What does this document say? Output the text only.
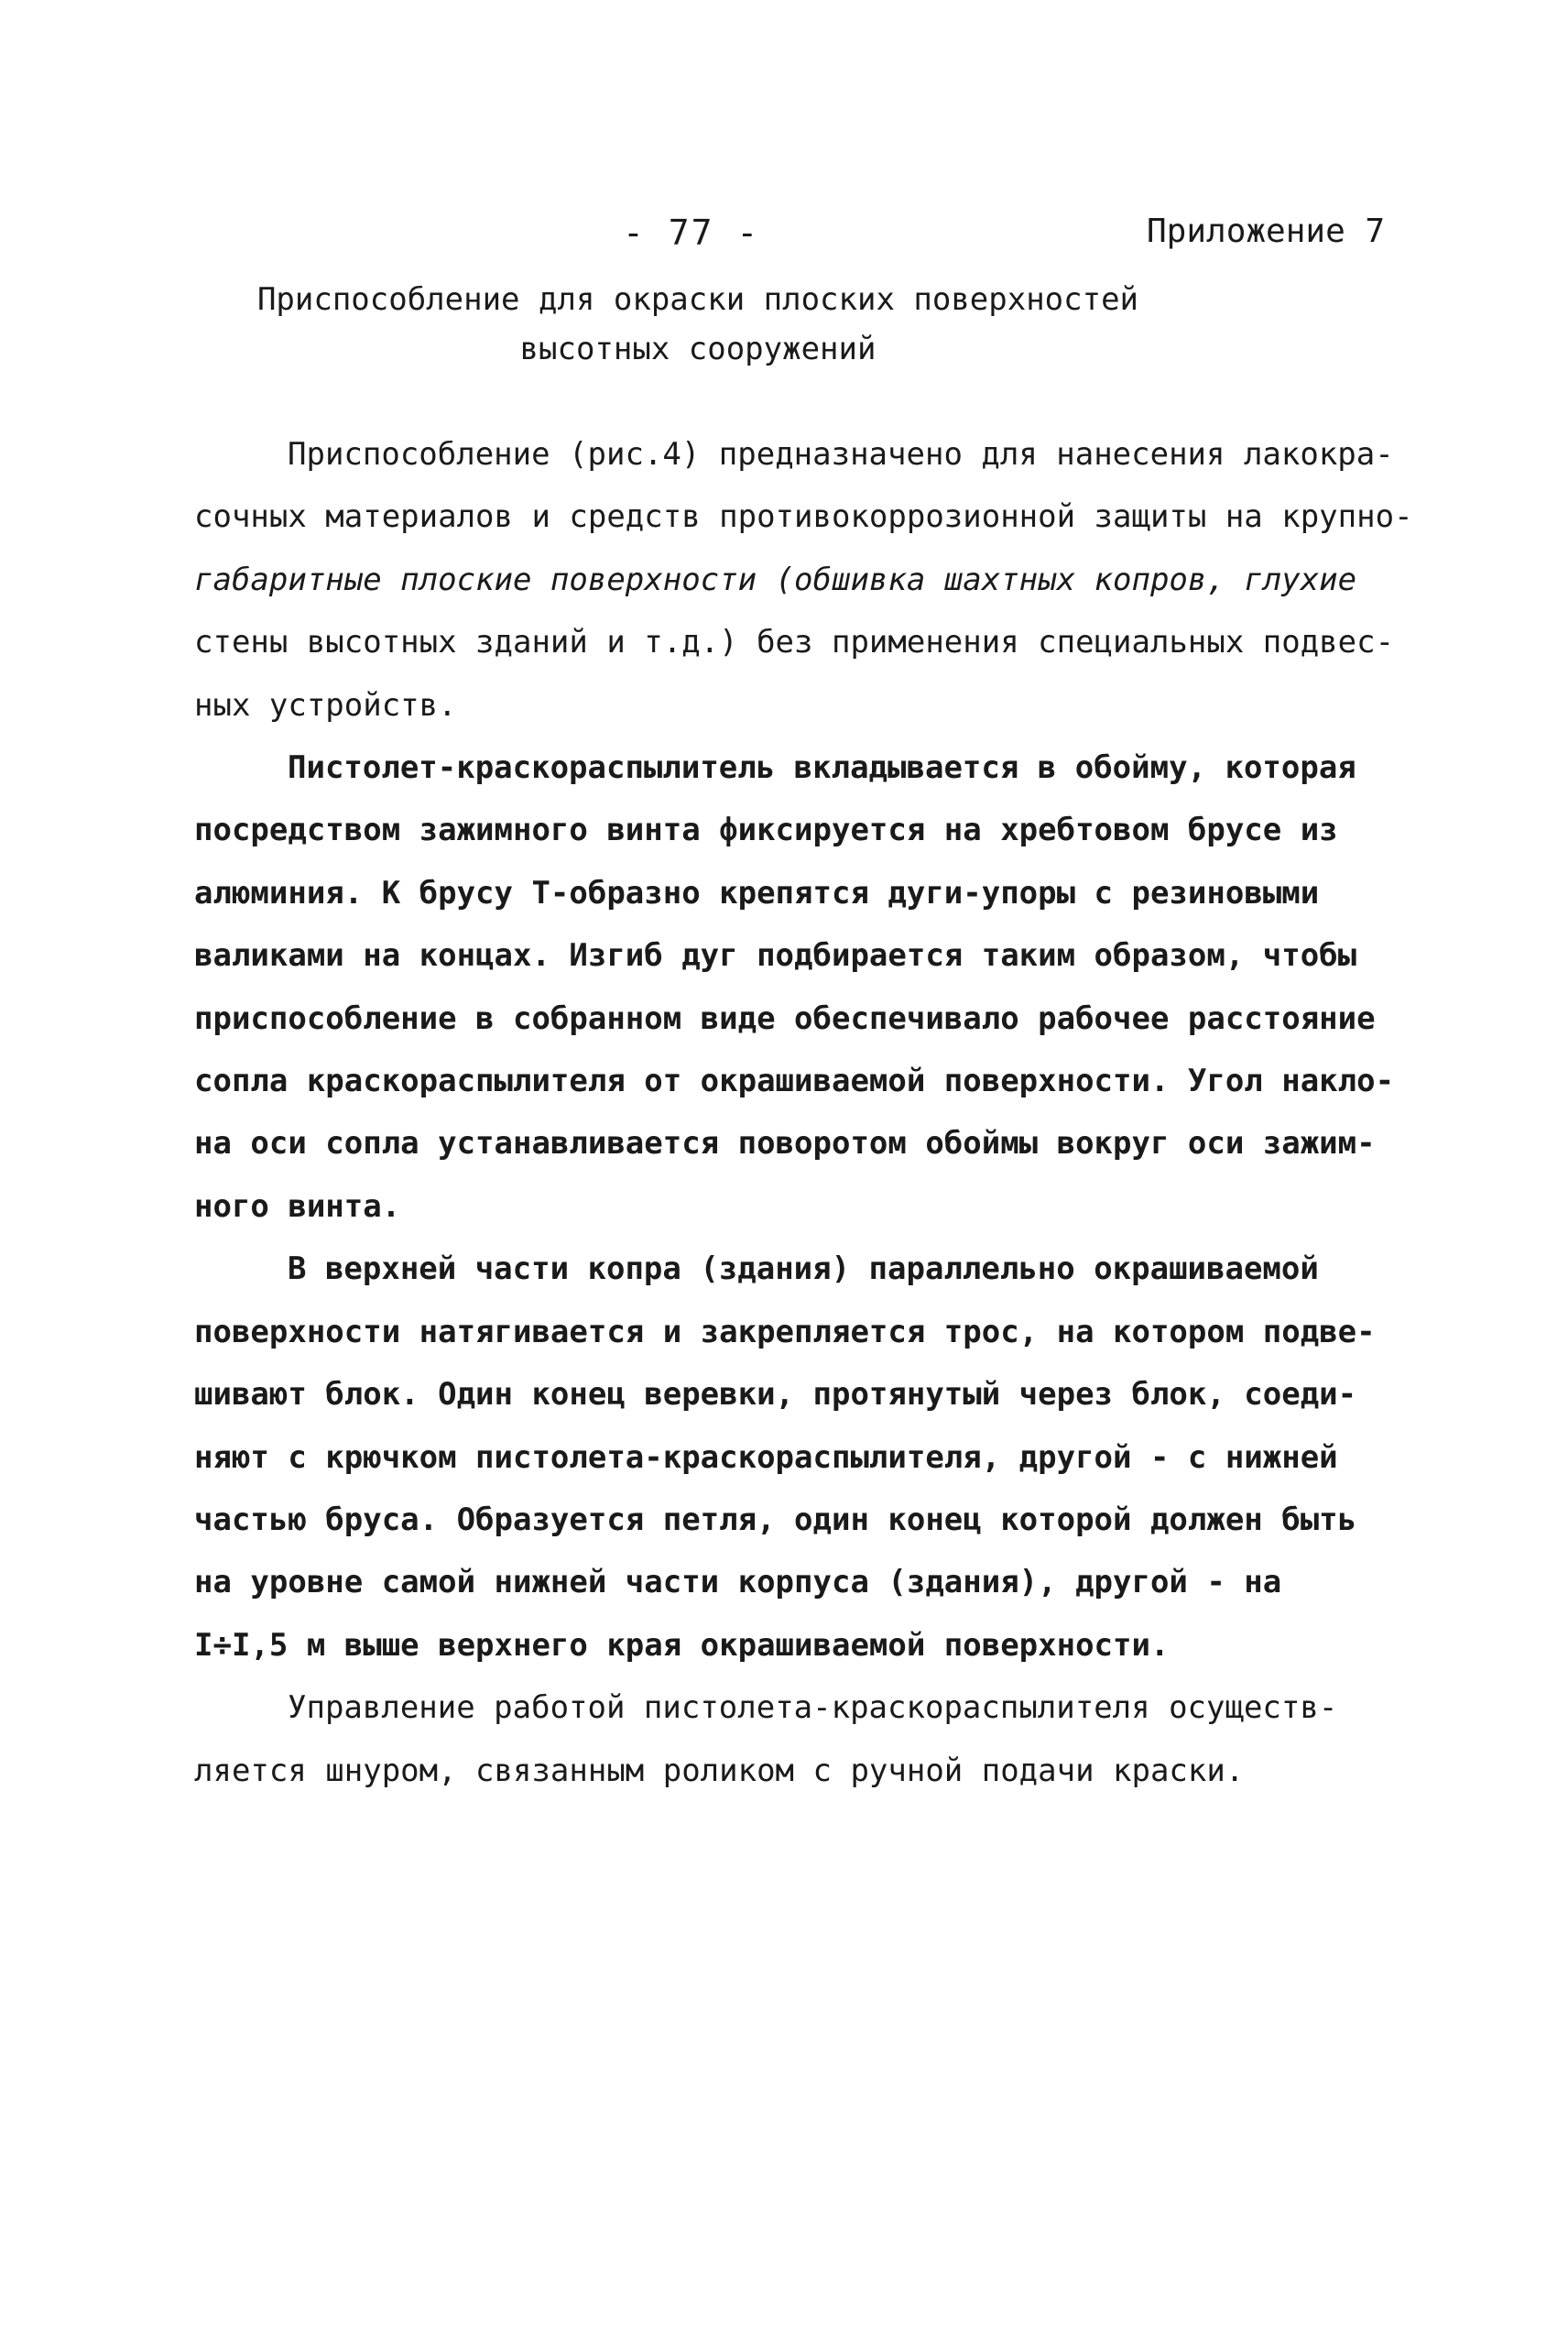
- 77 -	Приложение 7
Приспособление для окраски плоских поверхностей
высотных сооружений
Приспособление (рис.4) предназначено для нанесения лакокра-
сочных материалов и средств противокоррозионной защиты на крупно-
габаритные плоские поверхности (обшивка шахтных копров, глухие
стены высотных зданий и т.д.) без применения специальных подвес-
ных устройств.
Пистолет-краскораспылитель вкладывается в обойму, которая
посредством зажимного винта фиксируется на хребтовом брусе из
алюминия. К брусу Т-образно крепятся дуги-упоры с резиновыми
валиками на концах. Изгиб дуг подбирается таким образом, чтобы
приспособление в собранном виде обеспечивало рабочее расстояние
сопла краскораспылителя от окрашиваемой поверхности. Угол накло-
на оси сопла устанавливается поворотом обоймы вокруг оси зажим-
ного винта.
В верхней части копра (здания) параллельно окрашиваемой
поверхности натягивается и закрепляется трос, на котором подве-
шивают блок. Один конец веревки, протянутый через блок, соеди-
няют с крючком пистолета-краскораспылителя, другой - с нижней
частью бруса. Образуется петля, один конец которой должен быть
на уровне самой нижней части корпуса (здания), другой - на
I÷I,5 м выше верхнего края окрашиваемой поверхности.
Управление работой пистолета-краскораспылителя осуществ-
ляется шнуром, связанным роликом с ручной подачи краски.
